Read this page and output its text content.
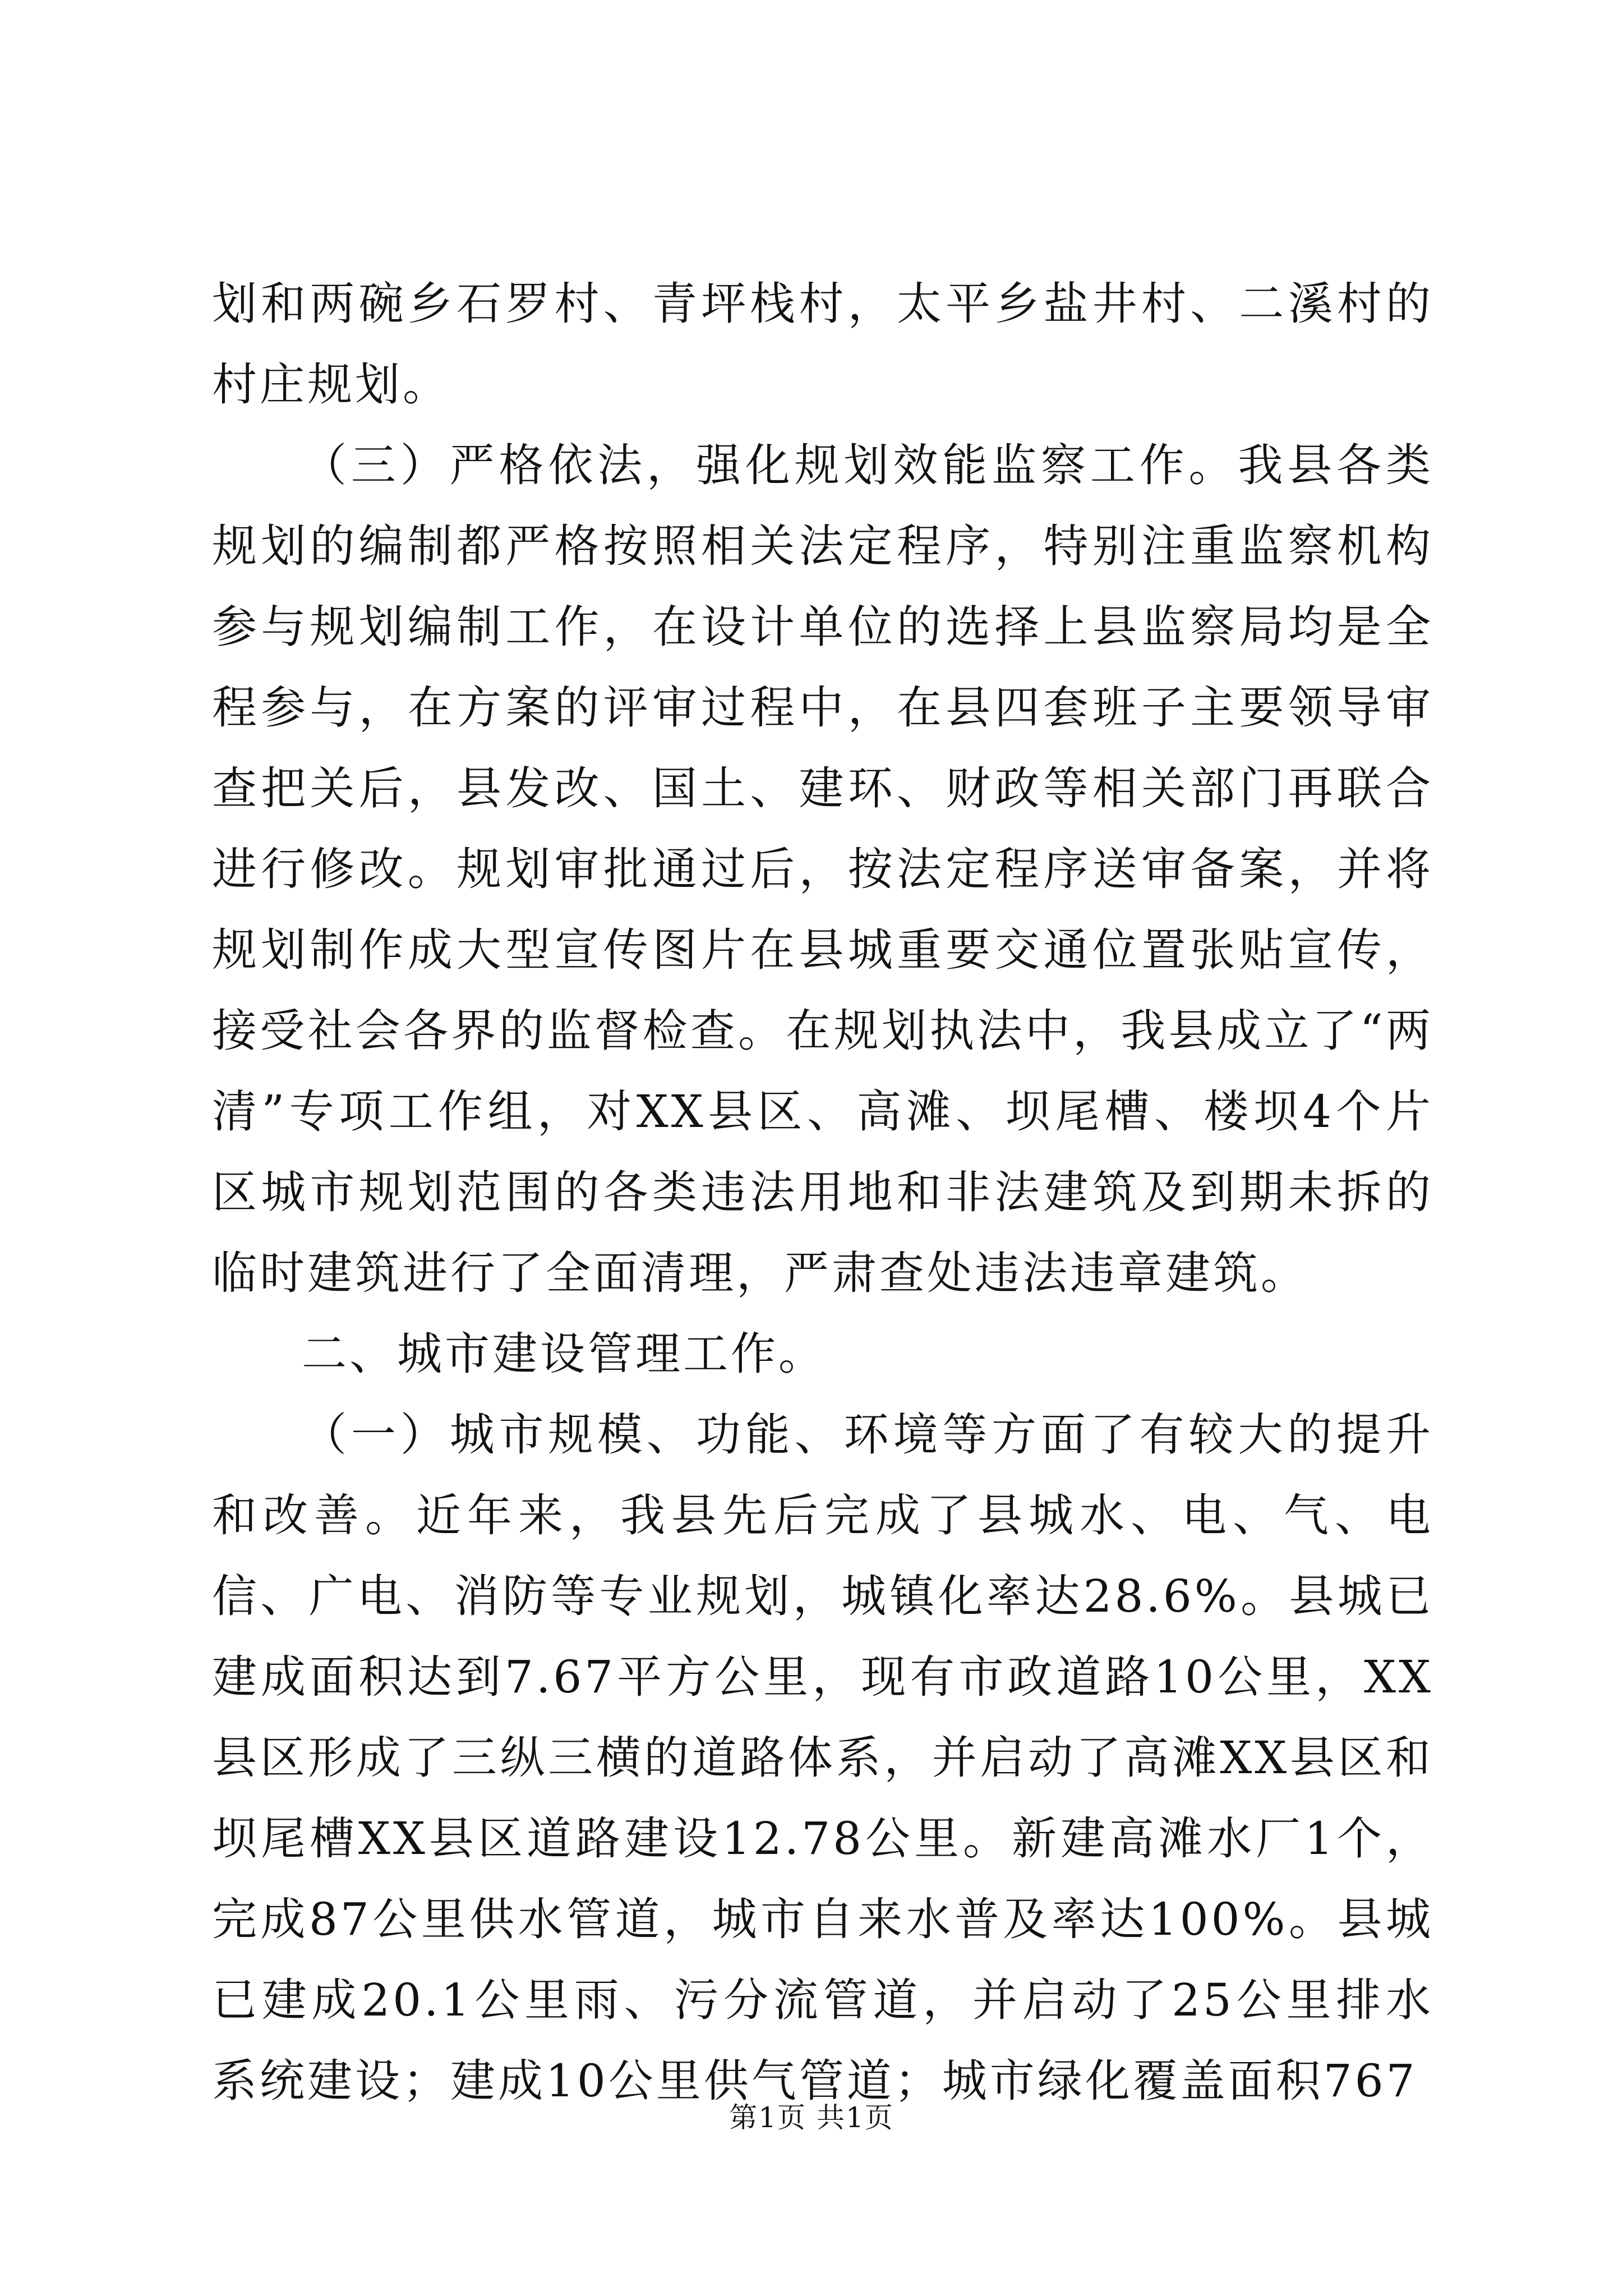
划和两碗乡石罗村、青坪栈村，太平乡盐井村、二溪村的村庄规划。

（三）严格依法，强化规划效能监察工作。我县各类规划的编制都严格按照相关法定程序，特别注重监察机构参与规划编制工作，在设计单位的选择上县监察局均是全程参与，在方案的评审过程中，在县四套班子主要领导审查把关后，县发改、国土、建环、财政等相关部门再联合进行修改。规划审批通过后，按法定程序送审备案，并将规划制作成大型宣传图片在县城重要交通位置张贴宣传，接受社会各界的监督检查。在规划执法中，我县成立了“两清”专项工作组，对XX县区、高滩、坝尾槽、楼坝4个片区城市规划范围的各类违法用地和非法建筑及到期未拆的临时建筑进行了全面清理，严肃查处违法违章建筑。

二、城市建设管理工作。

（一）城市规模、功能、环境等方面了有较大的提升和改善。近年来，我县先后完成了县城水、电、气、电信、广电、消防等专业规划，城镇化率达28.6%。县城已建成面积达到7.67平方公里，现有市政道路10公里，XX县区形成了三纵三横的道路体系，并启动了高滩XX县区和坝尾槽XX县区道路建设12.78公里。新建高滩水厂1个，完成87公里供水管道，城市自来水普及率达100%。县城已建成20.1公里雨、污分流管道，并启动了25公里排水系统建设；建成10公里供气管道；城市绿化覆盖面积767

第1页 共1页
